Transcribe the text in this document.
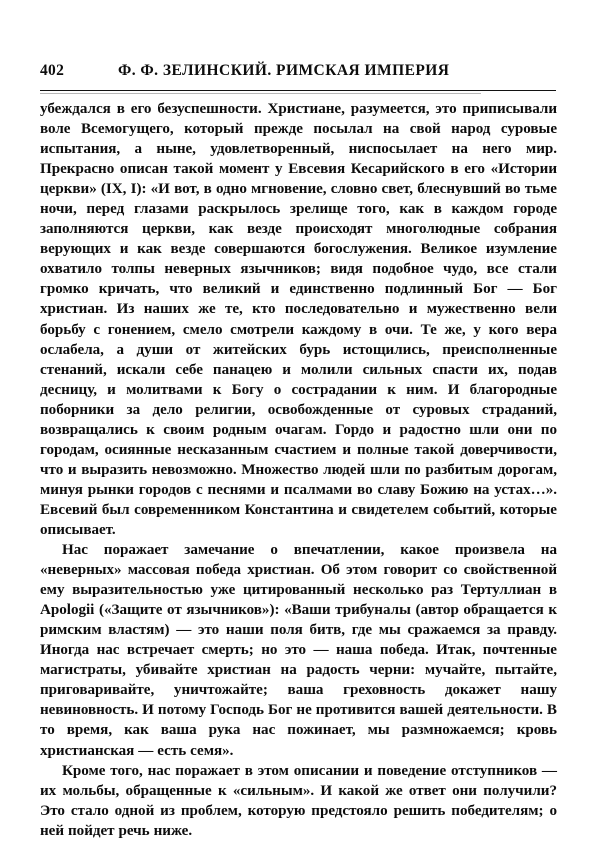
402	Ф. Ф. ЗЕЛИНСКИЙ. РИМСКАЯ ИМПЕРИЯ

убеждался в его безуспешности. Христиане, разумеется, это приписывали воле Всемогущего, который прежде посылал на свой народ суровые испытания, а ныне, удовлетворенный, ниспосылает на него мир. Прекрасно описан такой момент у Евсевия Кесарийского в его «Истории церкви» (IX, I): «И вот, в одно мгновение, словно свет, блеснувший во тьме ночи, перед глазами раскрылось зрелище того, как в каждом городе заполняются церкви, как везде происходят многолюдные собрания верующих и как везде совершаются богослужения. Великое изумление охватило толпы неверных язычников; видя подобное чудо, все стали громко кричать, что великий и единственно подлинный Бог — Бог христиан. Из наших же те, кто последовательно и мужественно вели борьбу с гонением, смело смотрели каждому в очи. Те же, у кого вера ослабела, а души от житейских бурь истощились, преисполненные стенаний, искали себе панацею и молили сильных спасти их, подав десницу, и молитвами к Богу о сострадании к ним. И благородные поборники за дело религии, освобожденные от суровых страданий, возвращались к своим родным очагам. Гордо и радостно шли они по городам, осиянные несказанным счастием и полные такой доверчивости, что и выразить невозможно. Множество людей шли по разбитым дорогам, минуя рынки городов с песнями и псалмами во славу Божию на устах…». Евсевий был современником Константина и свидетелем событий, которые описывает.

Нас поражает замечание о впечатлении, какое произвела на «неверных» массовая победа христиан. Об этом говорит со свойственной ему выразительностью уже цитированный несколько раз Тертуллиан в Apologii («Защите от язычников»): «Ваши трибуналы (автор обращается к римским властям) — это наши поля битв, где мы сражаемся за правду. Иногда нас встречает смерть; но это — наша победа. Итак, почтенные магистраты, убивайте христиан на радость черни: мучайте, пытайте, приговаривайте, уничтожайте; ваша греховность докажет нашу невиновность. И потому Господь Бог не противится вашей деятельности. В то время, как ваша рука нас пожинает, мы размножаемся; кровь христианская — есть семя».

Кроме того, нас поражает в этом описании и поведение отступников — их мольбы, обращенные к «сильным». И какой же ответ они получили? Это стало одной из проблем, которую предстояло решить победителям; о ней пойдет речь ниже.
